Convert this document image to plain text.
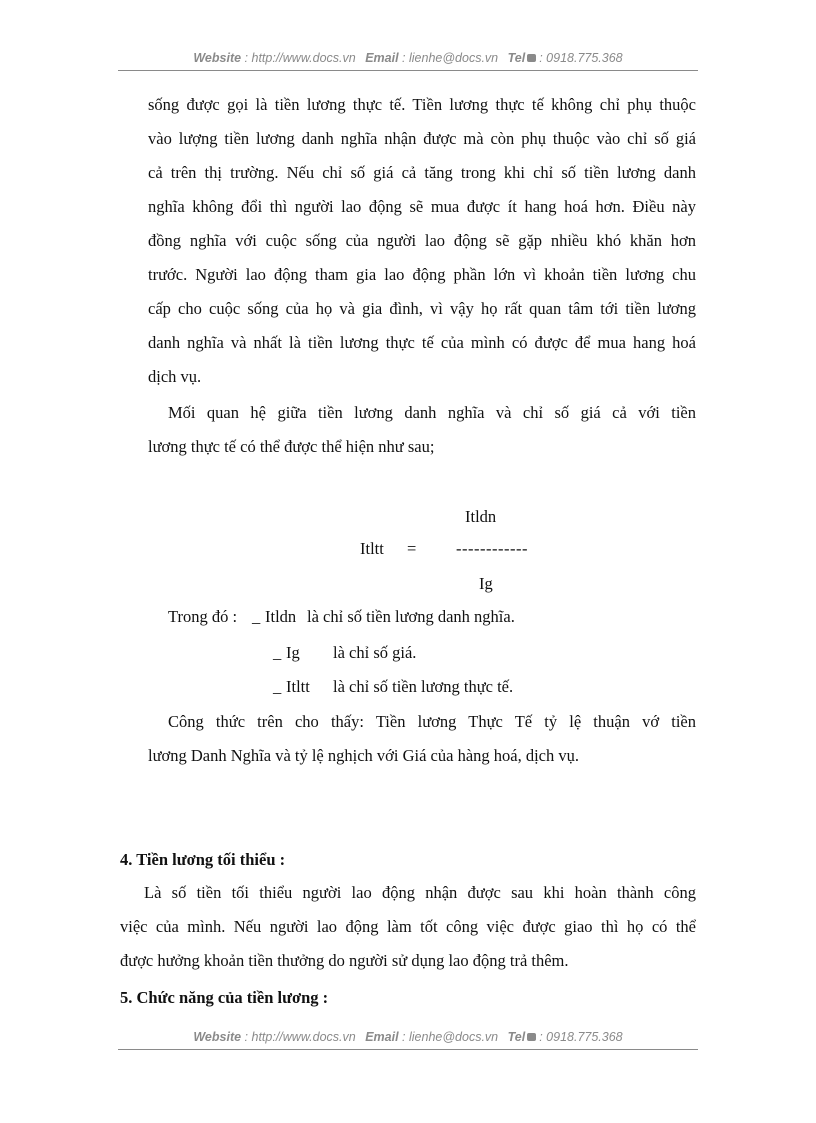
Website : http://www.docs.vn Email : lienhe@docs.vn Tel : 0918.775.368
sống được gọi là tiền lương thực tế. Tiền lương thực tế không chỉ phụ thuộc
vào lượng tiền lương danh nghĩa nhận được mà còn phụ thuộc vào chỉ số giá
cả trên thị trường. Nếu chỉ số giá cả tăng trong khi chỉ số tiền lương danh
nghĩa không đổi thì người lao động sẽ mua được ít hang hoá hơn. Điều này
đồng nghĩa với cuộc sống của người lao động sẽ gặp nhiều khó khăn hơn
trước. Người lao động tham gia lao động phần lớn vì khoản tiền lương chu
cấp cho cuộc sống của họ và gia đình, vì vậy họ rất quan tâm tới tiền lương
danh nghĩa và nhất là tiền lương thực tế của mình có được để mua hang hoá
dịch vụ.
Mối quan hệ giữa tiền lương danh nghĩa và chỉ số giá cả với tiền
lương thực tế có thể được thể hiện như sau;
Itldn
Itltt = ------------
Ig
Trong đó : _ Itldn là chỉ số tiền lương danh nghĩa.
_ Ig là chỉ số giá.
_ Itltt là chỉ số tiền lương thực tế.
Công thức trên cho thấy: Tiền lương Thực Tế tỷ lệ thuận vớ tiền
lương Danh Nghĩa và tỷ lệ nghịch với Giá của hàng hoá, dịch vụ.
4. Tiền lương tối thiểu :
Là số tiền tối thiểu người lao động nhận được sau khi hoàn thành công
việc của mình. Nếu người lao động làm tốt công việc được giao thì họ có thể
được hưởng khoản tiền thưởng do người sử dụng lao động trả thêm.
5. Chức năng của tiền lương :
Website : http://www.docs.vn Email : lienhe@docs.vn Tel : 0918.775.368
